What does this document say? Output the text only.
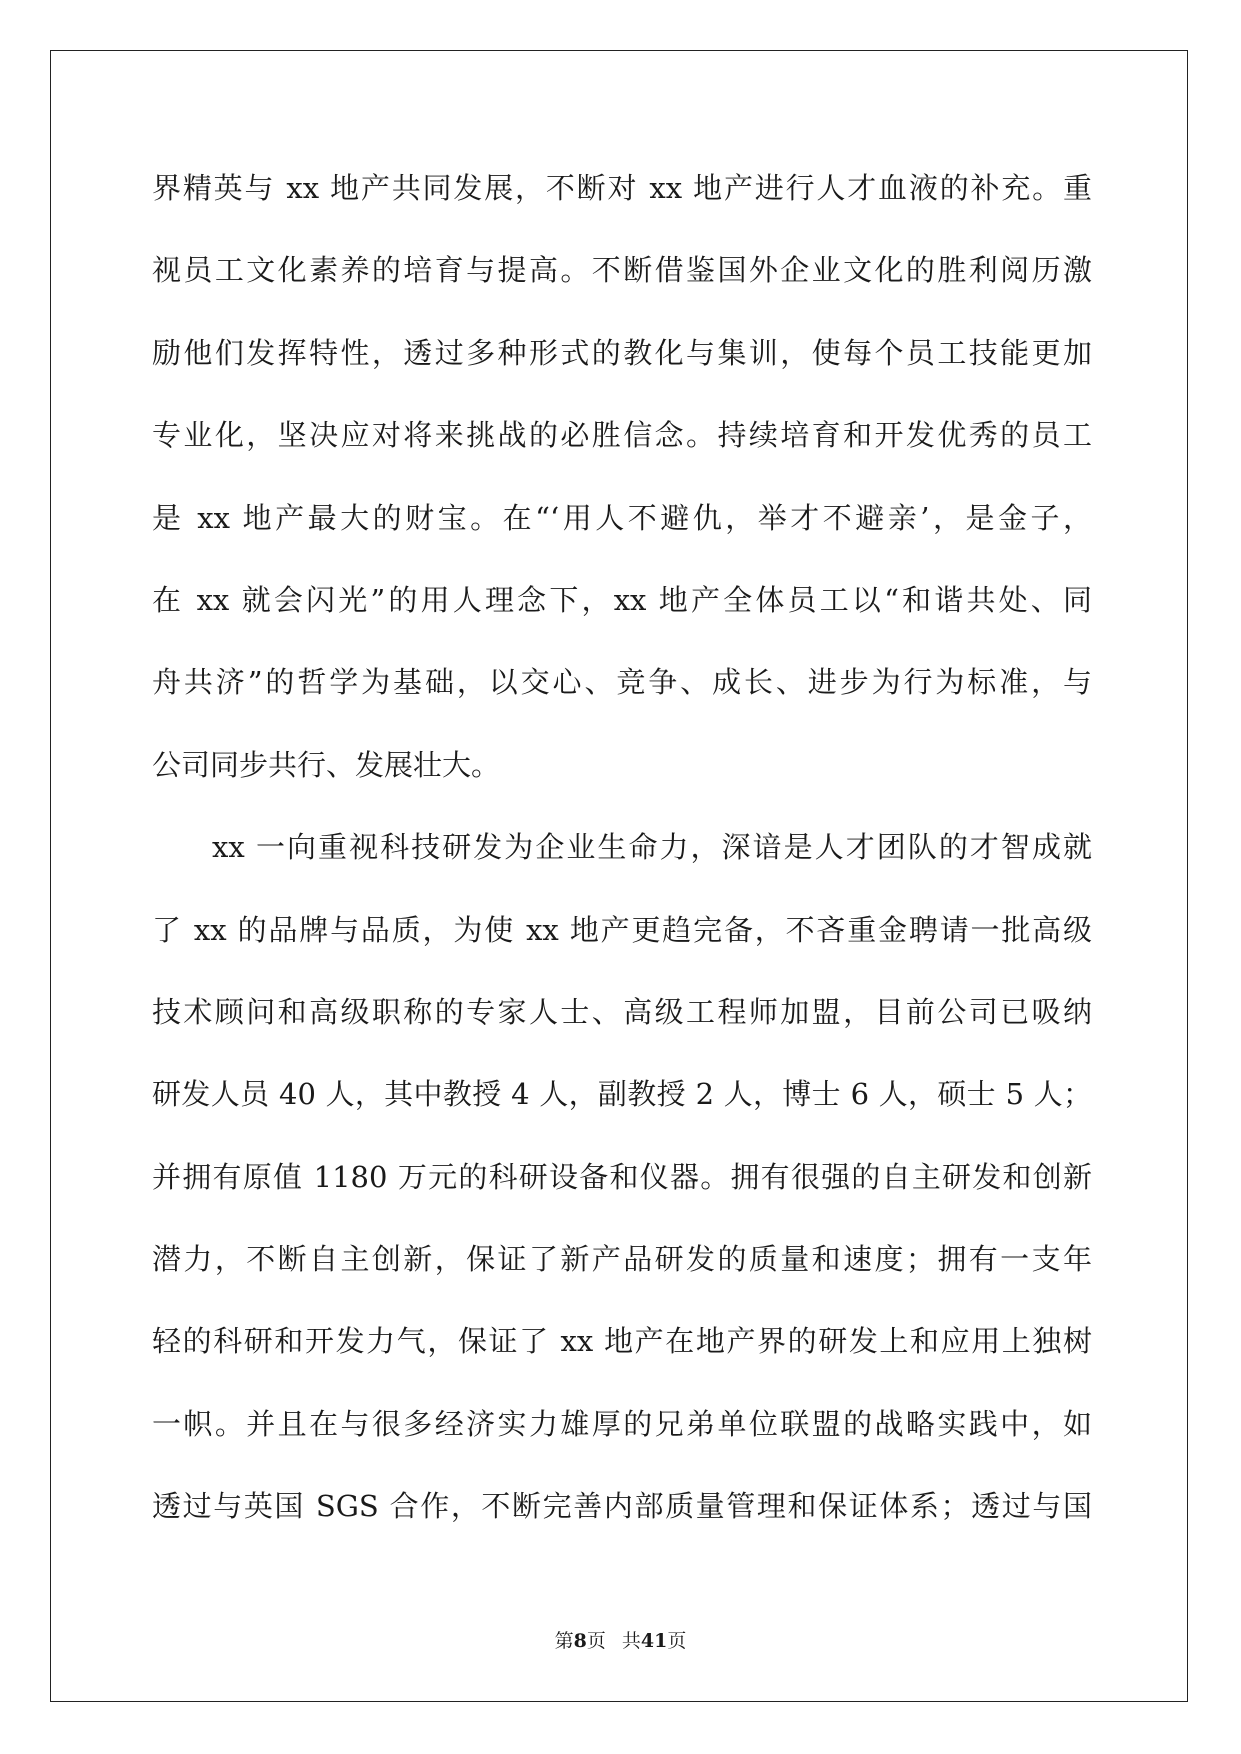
界精英与 xx 地产共同发展，不断对 xx 地产进行人才血液的补充。重
视员工文化素养的培育与提高。不断借鉴国外企业文化的胜利阅历激
励他们发挥特性，透过多种形式的教化与集训，使每个员工技能更加
专业化，坚决应对将来挑战的必胜信念。持续培育和开发优秀的员工
是 xx 地产最大的财宝。在“‘用人不避仇，举才不避亲’，是金子，
在 xx 就会闪光”的用人理念下，xx 地产全体员工以“和谐共处、同
舟共济”的哲学为基础，以交心、竞争、成长、进步为行为标准，与
公司同步共行、发展壮大。
xx 一向重视科技研发为企业生命力，深谙是人才团队的才智成就
了 xx 的品牌与品质，为使 xx 地产更趋完备，不吝重金聘请一批高级
技术顾问和高级职称的专家人士、高级工程师加盟，目前公司已吸纳
研发人员 40 人，其中教授 4 人，副教授 2 人，博士 6 人，硕士 5 人；
并拥有原值 1180 万元的科研设备和仪器。拥有很强的自主研发和创新
潜力，不断自主创新，保证了新产品研发的质量和速度；拥有一支年
轻的科研和开发力气，保证了 xx 地产在地产界的研发上和应用上独树
一帜。并且在与很多经济实力雄厚的兄弟单位联盟的战略实践中，如
透过与英国 SGS 合作，不断完善内部质量管理和保证体系；透过与国
第8页 共41页
